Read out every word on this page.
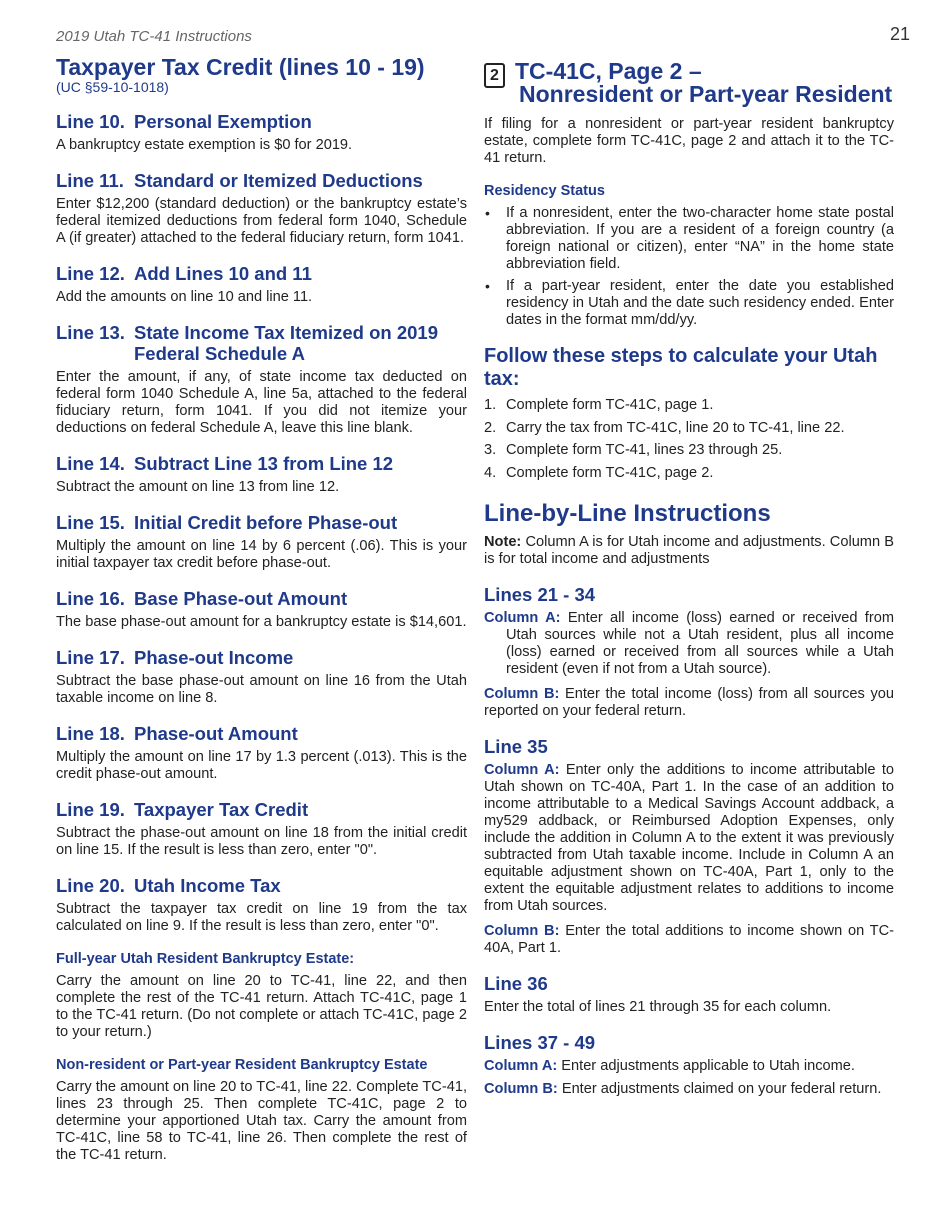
2019 Utah TC-41 Instructions	21
Taxpayer Tax Credit (lines 10 - 19)
(UC §59-10-1018)
Line 10. Personal Exemption

A bankruptcy estate exemption is $0 for 2019.

Line 11. Standard or Itemized Deductions

Enter $12,200 (standard deduction) or the bankruptcy estate’s federal itemized deductions from federal form 1040, Schedule A (if greater) attached to the federal fiduciary return, form 1041.

Line 12. Add Lines 10 and 11

Add the amounts on line 10 and line 11.

Line 13. State Income Tax Itemized on 2019
Federal Schedule A

Enter the amount, if any, of state income tax deducted on federal form 1040 Schedule A, line 5a, attached to the federal fiduciary return, form 1041. If you did not itemize your deductions on federal Schedule A, leave this line blank.

Line 14. Subtract Line 13 from Line 12

Subtract the amount on line 13 from line 12.

Line 15. Initial Credit before Phase-out

Multiply the amount on line 14 by 6 percent (.06). This is your initial taxpayer tax credit before phase-out.

Line 16. Base Phase-out Amount

The base phase-out amount for a bankruptcy estate is $14,601.

Line 17. Phase-out Income

Subtract the base phase-out amount on line 16 from the Utah taxable income on line 8.

Line 18. Phase-out Amount

Multiply the amount on line 17 by 1.3 percent (.013). This is the credit phase-out amount.

Line 19. Taxpayer Tax Credit

Subtract the phase-out amount on line 18 from the initial credit on line 15. If the result is less than zero, enter "0".

Line 20. Utah Income Tax

Subtract the taxpayer tax credit on line 19 from the tax calculated on line 9. If the result is less than zero, enter "0".

Full-year Utah Resident Bankruptcy Estate:

Carry the amount on line 20 to TC-41, line 22, and then complete the rest of the TC-41 return. Attach TC-41C, page 1 to the TC-41 return. (Do not complete or attach TC-41C, page 2 to your return.)

Non-resident or Part-year Resident Bankruptcy Estate

Carry the amount on line 20 to TC-41, line 22. Complete TC-41, lines 23 through 25. Then complete TC-41C, page 2 to determine your apportioned Utah tax. Carry the amount from TC-41C, line 58 to TC-41, line 26. Then complete the rest of the TC-41 return.

2 TC-41C, Page 2 –
Nonresident or Part-year Resident

If filing for a nonresident or part-year resident bankruptcy estate, complete form TC-41C, page 2 and attach it to the TC-41 return.

Residency Status
• If a nonresident, enter the two-character home state postal abbreviation. If you are a resident of a foreign country (a foreign national or citizen), enter “NA” in the home state abbreviation field.
• If a part-year resident, enter the date you established residency in Utah and the date such residency ended. Enter dates in the format mm/dd/yy.
Follow these steps to calculate your Utah tax:
1. Complete form TC-41C, page 1.
2. Carry the tax from TC-41C, line 20 to TC-41, line 22.
3. Complete form TC-41, lines 23 through 25.
4. Complete form TC-41C, page 2.
Line-by-Line Instructions

Note: Column A is for Utah income and adjustments. Column B is for total income and adjustments

Lines 21 - 34

Column A: Enter all income (loss) earned or received from Utah sources while not a Utah resident, plus all income (loss) earned or received from all sources while a Utah resident (even if not from a Utah source).

Column B: Enter the total income (loss) from all sources you reported on your federal return.

Line 35

Column A: Enter only the additions to income attributable to Utah shown on TC-40A, Part 1. In the case of an addition to income attributable to a Medical Savings Account addback, a my529 addback, or Reimbursed Adoption Expenses, only include the addition in Column A to the extent it was previously subtracted from Utah taxable income. Include in Column A an equitable adjustment shown on TC-40A, Part 1, only to the extent the equitable adjustment relates to additions to income from Utah sources.

Column B: Enter the total additions to income shown on TC-40A, Part 1.

Line 36

Enter the total of lines 21 through 35 for each column.

Lines 37 - 49

Column A: Enter adjustments applicable to Utah income.

Column B: Enter adjustments claimed on your federal return.
